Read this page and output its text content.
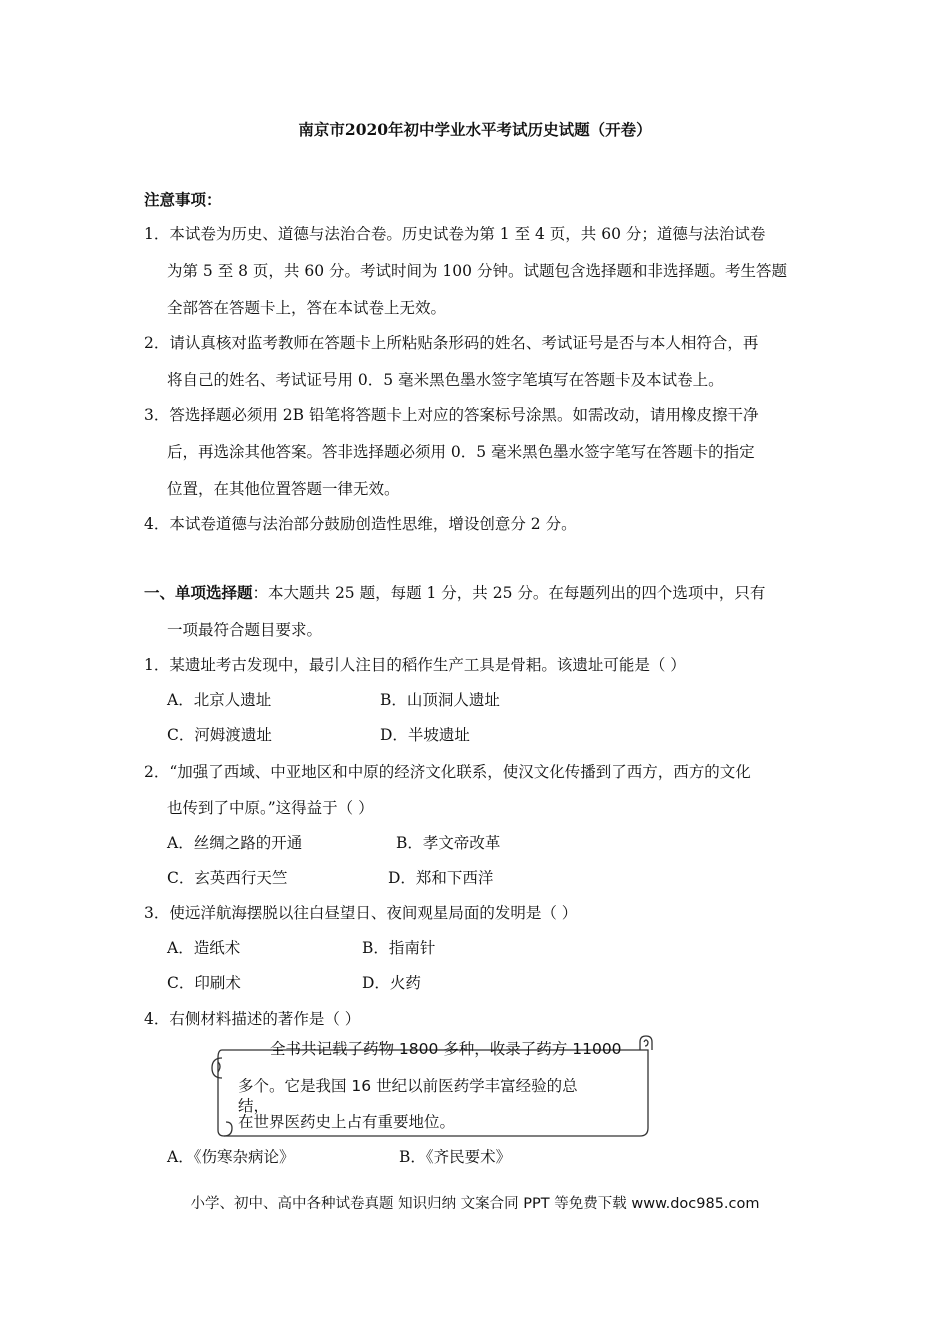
南京市2020年初中学业水平考试历史试题（开卷）
注意事项：
1．本试卷为历史、道德与法治合卷。历史试卷为第 1 至 4 页，共 60 分；道德与法治试卷
为第 5 至 8 页，共 60 分。考试时间为 100 分钟。试题包含选择题和非选择题。考生答题
全部答在答题卡上，答在本试卷上无效。
2．请认真核对监考教师在答题卡上所粘贴条形码的姓名、考试证号是否与本人相符合，再
将自己的姓名、考试证号用 0．5 毫米黑色墨水签字笔填写在答题卡及本试卷上。
3．答选择题必须用 2B 铅笔将答题卡上对应的答案标号涂黑。如需改动，请用橡皮擦干净
后，再选涂其他答案。答非选择题必须用 0．5 毫米黑色墨水签字笔写在答题卡的指定
位置，在其他位置答题一律无效。
4．本试卷道德与法治部分鼓励创造性思维，增设创意分 2 分。
一、单项选择题：本大题共 25 题，每题 1 分，共 25 分。在每题列出的四个选项中，只有
一项最符合题目要求。
1．某遗址考古发现中，最引人注目的稻作生产工具是骨耜。该遗址可能是（ ）
A．北京人遗址	B．山顶洞人遗址
C．河姆渡遗址	D．半坡遗址
2．“加强了西域、中亚地区和中原的经济文化联系，使汉文化传播到了西方，西方的文化
也传到了中原。”这得益于（ ）
A．丝绸之路的开通	B．孝文帝改革
C．玄英西行天竺	D．郑和下西洋
3．使远洋航海摆脱以往白昼望日、夜间观星局面的发明是（ ）
A．造纸术	B．指南针
C．印刷术	D．火药
4．右侧材料描述的著作是（ ）
全书共记载了药物 1800 多种，收录了药方 11000
多个。它是我国 16 世纪以前医药学丰富经验的总
结，
在世界医药史上占有重要地位。
A．《伤寒杂病论》	B．《齐民要术》
小学、初中、高中各种试卷真题 知识归纳 文案合同 PPT 等免费下载 www.doc985.com
